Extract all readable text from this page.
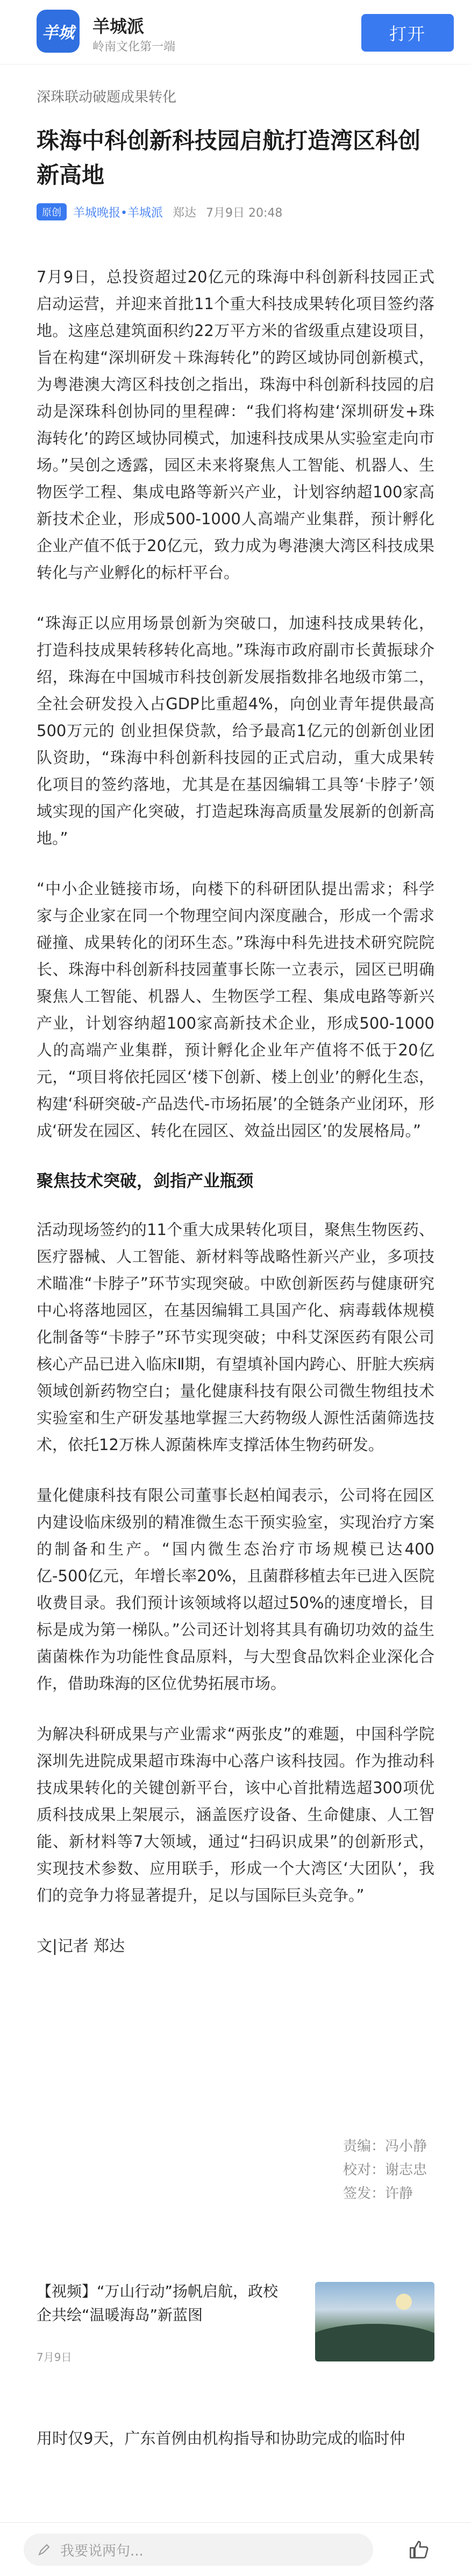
羊城	羊城派
岭南文化第一端
打开
深珠联动破题成果转化
珠海中科创新科技园启航打造湾区科创新高地
原创	羊城晚报•羊城派 郑达 7月9日 20:48

7月9日，总投资超过20亿元的珠海中科创新科技园正式启动运营，并迎来首批11个重大科技成果转化项目签约落地。这座总建筑面积约22万平方米的省级重点建设项目，旨在构建“深圳研发＋珠海转化”的跨区域协同创新模式，为粤港澳大湾区科技创之指出，珠海中科创新科技园的启动是深珠科创协同的里程碑：“我们将构建‘深圳研发+珠海转化’的跨区域协同模式，加速科技成果从实验室走向市场。”吴创之透露，园区未来将聚焦人工智能、机器人、生物医学工程、集成电路等新兴产业，计划容纳超100家高新技术企业，形成500-1000人高端产业集群，预计孵化企业产值不低于20亿元，致力成为粤港澳大湾区科技成果转化与产业孵化的标杆平台。

“珠海正以应用场景创新为突破口，加速科技成果转化，打造科技成果转移转化高地。”珠海市政府副市长黄振球介绍，珠海在中国城市科技创新发展指数排名地级市第二，全社会研发投入占GDP比重超4%，向创业青年提供最高500万元的 创业担保贷款，给予最高1亿元的创新创业团队资助，“珠海中科创新科技园的正式启动，重大成果转化项目的签约落地，尤其是在基因编辑工具等‘卡脖子’领域实现的国产化突破，打造起珠海高质量发展新的创新高地。”

“中小企业链接市场，向楼下的科研团队提出需求；科学家与企业家在同一个物理空间内深度融合，形成一个需求碰撞、成果转化的闭环生态。”珠海中科先进技术研究院院长、珠海中科创新科技园董事长陈一立表示，园区已明确聚焦人工智能、机器人、生物医学工程、集成电路等新兴产业，计划容纳超100家高新技术企业，形成500-1000人的高端产业集群，预计孵化企业年产值将不低于20亿元，“项目将依托园区‘楼下创新、楼上创业’的孵化生态，构建‘科研突破-产品迭代-市场拓展’的全链条产业闭环，形成‘研发在园区、转化在园区、效益出园区’的发展格局。”

聚焦技术突破，剑指产业瓶颈

活动现场签约的11个重大成果转化项目，聚焦生物医药、医疗器械、人工智能、新材料等战略性新兴产业，多项技术瞄准“卡脖子”环节实现突破。中欧创新医药与健康研究中心将落地园区，在基因编辑工具国产化、病毒载体规模化制备等“卡脖子”环节实现突破；中科艾深医药有限公司核心产品已进入临床Ⅱ期，有望填补国内跨心、肝脏大疾病领域创新药物空白；量化健康科技有限公司微生物组技术实验室和生产研发基地掌握三大药物级人源性活菌筛选技术，依托12万株人源菌株库支撑活体生物药研发。

量化健康科技有限公司董事长赵柏闻表示，公司将在园区内建设临床级别的精准微生态干预实验室，实现治疗方案的制备和生产。“国内微生态治疗市场规模已达400亿-500亿元，年增长率20%，且菌群移植去年已进入医院收费目录。我们预计该领域将以超过50%的速度增长，目标是成为第一梯队。”公司还计划将其具有确切功效的益生菌菌株作为功能性食品原料，与大型食品饮料企业深化合作，借助珠海的区位优势拓展市场。

为解决科研成果与产业需求“两张皮”的难题，中国科学院深圳先进院成果超市珠海中心落户该科技园。作为推动科技成果转化的关键创新平台，该中心首批精选超300项优质科技成果上架展示，涵盖医疗设备、生命健康、人工智能、新材料等7大领域，通过“扫码识成果”的创新形式，实现技术参数、应用联手，形成一个大湾区‘大团队’，我们的竞争力将显著提升，足以与国际巨头竞争。”

文|记者 郑达

责编：冯小静
校对：谢志忠
签发：许静
【视频】“万山行动”扬帆启航，政校企共绘“温暖海岛”新蓝图
7月9日
用时仅9天，广东首例由机构指导和协助完成的临时仲
我要说两句...
